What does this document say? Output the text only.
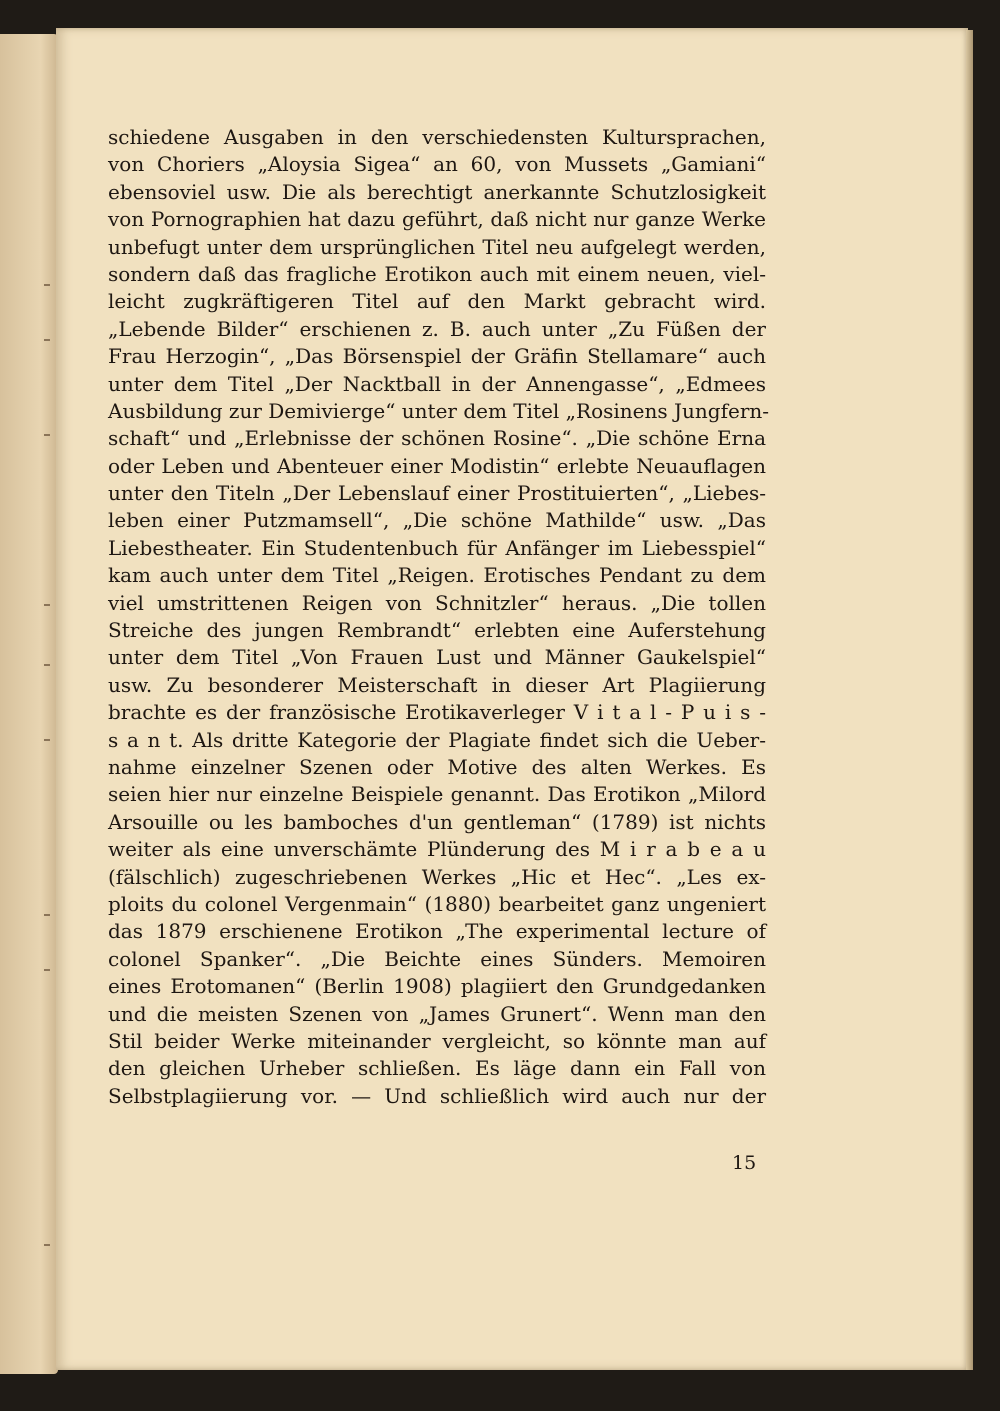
schiedene Ausgaben in den verschiedensten Kultursprachen,
von Choriers „Aloysia Sigea“ an 60, von Mussets „Gamiani“
ebensoviel usw. Die als berechtigt anerkannte Schutzlosigkeit
von Pornographien hat dazu geführt, daß nicht nur ganze Werke
unbefugt unter dem ursprünglichen Titel neu aufgelegt werden,
sondern daß das fragliche Erotikon auch mit einem neuen, viel-
leicht zugkräftigeren Titel auf den Markt gebracht wird.
„Lebende Bilder“ erschienen z. B. auch unter „Zu Füßen der
Frau Herzogin“, „Das Börsenspiel der Gräfin Stellamare“ auch
unter dem Titel „Der Nacktball in der Annengasse“, „Edmees
Ausbildung zur Demivierge“ unter dem Titel „Rosinens Jungfern-
schaft“ und „Erlebnisse der schönen Rosine“. „Die schöne Erna
oder Leben und Abenteuer einer Modistin“ erlebte Neuauflagen
unter den Titeln „Der Lebenslauf einer Prostituierten“, „Liebes-
leben einer Putzmamsell“, „Die schöne Mathilde“ usw. „Das
Liebestheater. Ein Studentenbuch für Anfänger im Liebesspiel“
kam auch unter dem Titel „Reigen. Erotisches Pendant zu dem
viel umstrittenen Reigen von Schnitzler“ heraus. „Die tollen
Streiche des jungen Rembrandt“ erlebten eine Auferstehung
unter dem Titel „Von Frauen Lust und Männer Gaukelspiel“
usw. Zu besonderer Meisterschaft in dieser Art Plagiierung
brachte es der französische Erotikaverleger V i t a l - P u i s -
s a n t. Als dritte Kategorie der Plagiate findet sich die Ueber-
nahme einzelner Szenen oder Motive des alten Werkes. Es
seien hier nur einzelne Beispiele genannt. Das Erotikon „Milord
Arsouille ou les bamboches d'un gentleman“ (1789) ist nichts
weiter als eine unverschämte Plünderung des M i r a b e a u
(fälschlich) zugeschriebenen Werkes „Hic et Hec“. „Les ex-
ploits du colonel Vergenmain“ (1880) bearbeitet ganz ungeniert
das 1879 erschienene Erotikon „The experimental lecture of
colonel Spanker“. „Die Beichte eines Sünders. Memoiren
eines Erotomanen“ (Berlin 1908) plagiiert den Grundgedanken
und die meisten Szenen von „James Grunert“. Wenn man den
Stil beider Werke miteinander vergleicht, so könnte man auf
den gleichen Urheber schließen. Es läge dann ein Fall von
Selbstplagiierung vor. — Und schließlich wird auch nur der
15
